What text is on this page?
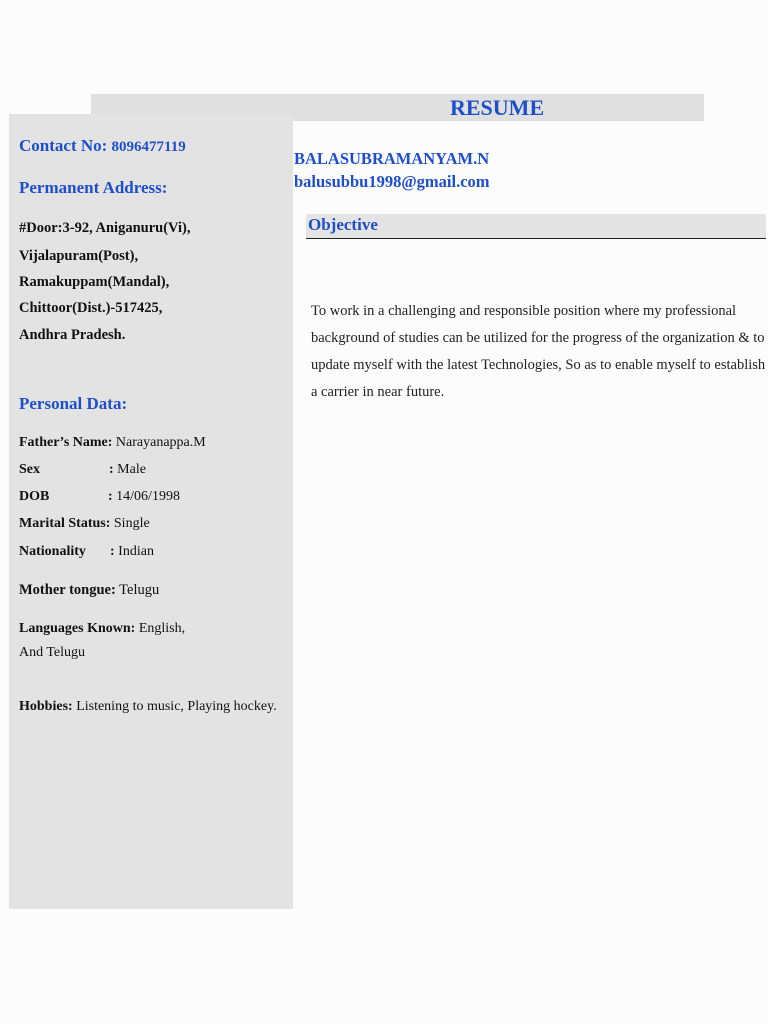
RESUME
Contact No: 8096477119
Permanent Address:
#Door:3-92, Aniganuru(Vi),
Vijalapuram(Post),
Ramakuppam(Mandal),
Chittoor(Dist.)-517425,
Andhra Pradesh.
Personal Data:
Father’s Name: Narayanappa.M
Sex	: Male
DOB	: 14/06/1998
Marital Status: Single
Nationality : Indian
Mother tongue: Telugu
Languages Known: English,
And Telugu
Hobbies: Listening to music, Playing hockey.
BALASUBRAMANYAM.N
balusubbu1998@gmail.com
Objective
To work in a challenging and responsible position where my professional background of studies can be utilized for the progress of the organization & to update myself with the latest Technologies, So as to enable myself to establish a carrier in near future.
